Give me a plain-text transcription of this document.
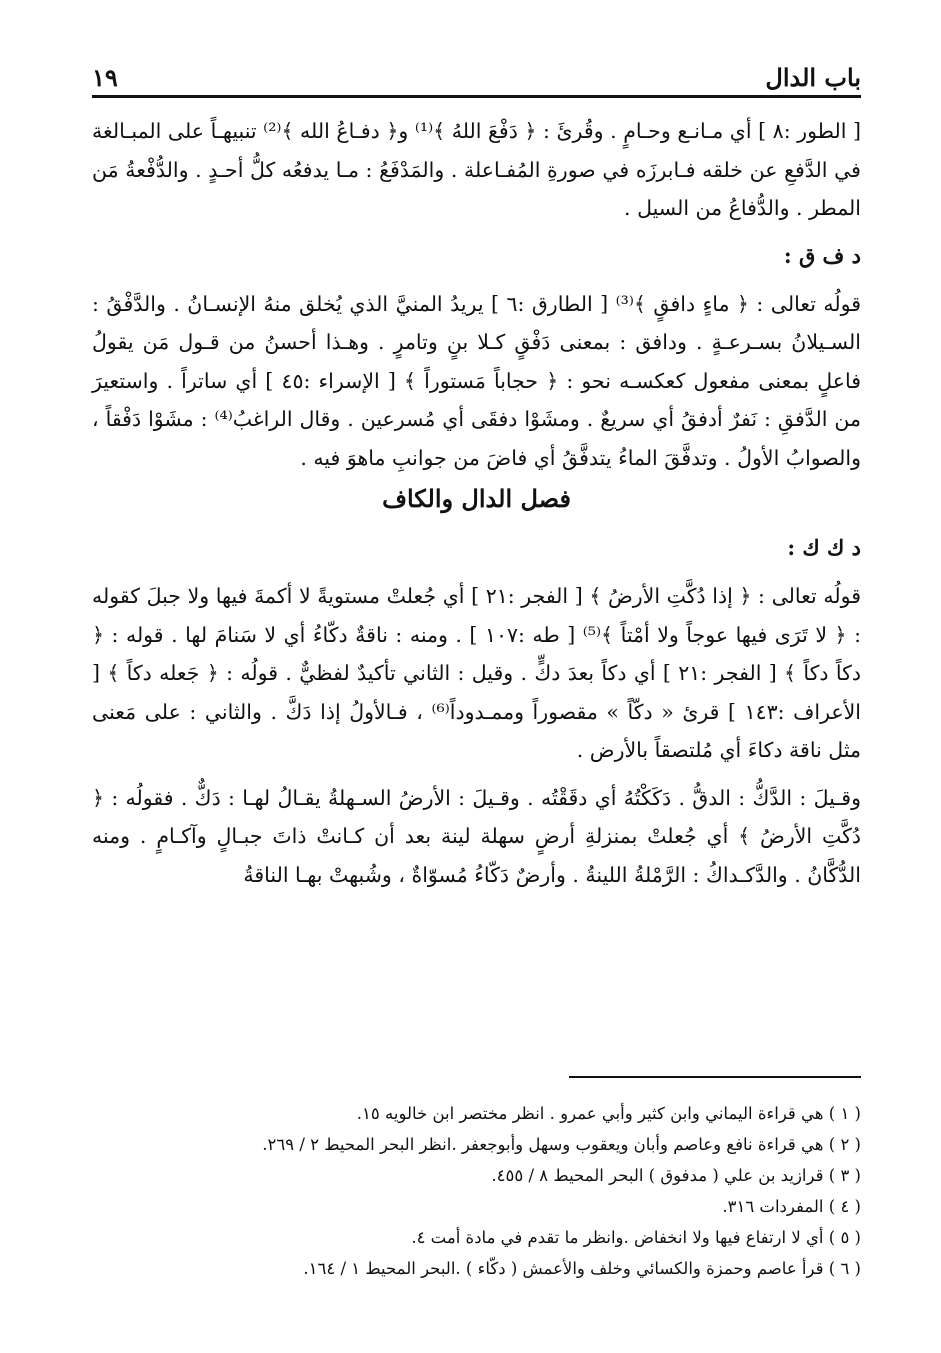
باب الدال
١٩

[ الطور :٨ ] أي مـانـع وحـامٍ . وقُرئَ : ﴿ دَفْعَ اللهُ ﴾⁽¹⁾ و﴿ دفـاعُ الله ﴾⁽²⁾ تنبيهـاً على المبـالغة في الدَّفعِ عن خلقه فـابرزَه في صورةِ المُفـاعلة . والمَدْفَعُ : مـا يدفعُه كلُّ أحـدٍ . والدُّفْعةُ مَن المطر . والدُّفاعُ من السيل .

د ف ق :

قولُه تعالى : ﴿ ماءٍ دافقٍ ﴾⁽³⁾ [ الطارق :٦ ] يريدُ المنيَّ الذي يُخلق منهُ الإنسـانُ . والدَّفْقُ : السـيلانُ بسـرعـةٍ . ودافق : بمعنى دَفْقٍ كـلا بنٍ وتامرٍ . وهـذا أحسنُ من قـول مَن يقولُ فاعلٍ بمعنى مفعول كعكسـه نحو : ﴿ حجاباً مَستوراً ﴾ [ الإسراء :٤٥ ] أي ساتراً . واستعيرَ من الدَّفقِ : نَفرٌ أدفقُ أي سريعٌ . ومشَوْا دفقَى أي مُسرعين . وقال الراغبُ⁽⁴⁾ : مشَوْا دَفْقاً ، والصوابُ الأولُ . وتدفَّقَ الماءُ يتدفَّقُ أي فاضَ من جوانبِ ماهوَ فيه .

فصل الدال والكاف
د ك ك :

قولُه تعالى : ﴿ إذا دُكَّتِ الأرضُ ﴾ [ الفجر :٢١ ] أي جُعلتْ مستويةً لا أكمةَ فيها ولا جبلَ كقوله : ﴿ لا تَرَى فيها عوجاً ولا أمْتاً ﴾⁽⁵⁾ [ طه :١٠٧ ] . ومنه : ناقةٌ دكّاءُ أي لا سَنامَ لها . قوله : ﴿ دكاً دكاً ﴾ [ الفجر :٢١ ] أي دكاً بعدَ دكٍّ . وقيل : الثاني تأكيدٌ لفظيٌّ . قولُه : ﴿ جَعله دكاً ﴾ [ الأعراف :١٤٣ ] قرئ « دكّاً » مقصوراً وممـدوداً⁽⁶⁾ ، فـالأولُ إذا دَكَّ . والثاني : على مَعنى مثل ناقة دكاءَ أي مُلتصقاً بالأرض .

وقـيلَ : الدَّكُّ : الدقُّ . دَكَكْتُهُ أي دقَقْتُه . وقـيلَ : الأرضُ السـهلةُ يقـالُ لهـا : دَكٌّ . فقولُه : ﴿ دُكَّتِ الأرضُ ﴾ أي جُعلتْ بمنزلةِ أرضٍ سهلة لينة بعد أن كـانتْ ذاتَ جبـالٍ وآكـامٍ . ومنه الدُّكَّانُ . والدَّكـداكُ : الرَّمْلةُ اللينةُ . وأرضٌ دَكّاءُ مُسوّاةٌ ، وشُبهتْ بهـا الناقةُ

( ١ ) هي قراءة اليماني وابن كثير وأبي عمرو . انظر مختصر ابن خالويه ١٥.
( ٢ ) هي قراءة نافع وعاصم وأبان ويعقوب وسهل وأبوجعفر .انظر البحر المحيط ٢ / ٢٦٩.
( ٣ ) قرازيد بن علي ( مدفوق ) البحر المحيط ٨ / ٤٥٥.
( ٤ ) المفردات ٣١٦.
( ٥ ) أي لا ارتفاع فيها ولا انخفاض .وانظر ما تقدم في مادة أمت ٤.
( ٦ ) قرأ عاصم وحمزة والكسائي وخلف والأعمش ( دكّاء ) .البحر المحيط ١ / ١٦٤.
